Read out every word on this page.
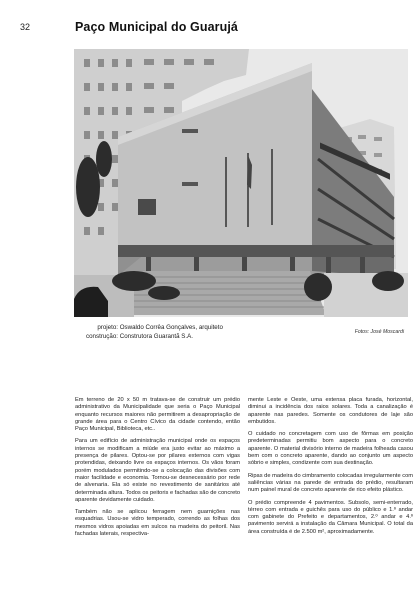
32	Paço Municipal do Guarujá
projeto: Oswaldo Corrêa Gonçalves, arquiteto
construção: Construtora Guarantã S.A.
Fotos: José Moscardi

Em terreno de 20 x 50 m tratava-se de construir um prédio administrativo da Municipalidade que seria o Paço Municipal enquanto recursos maiores não permitirem a desapropriação de grande área para o Centro Cívico da cidade contendo, então Paço Municipal, Biblioteca, etc..

Para um edifício de administração municipal onde os espaços internos se modificam a miúde era justo evitar ao máximo a presença de pilares. Optou-se por pilares externos com vigas protendidas, deixando livre os espaços internos. Os vãos foram porém modulados permitindo-se a colocação das divisões com maior facilidade e economia. Tornou-se desnecessário por rede de alvenaria. Ela só existe no revestimento de sanitários até determinada altura. Todos os peitoris e fachadas são de concreto aparente devidamente cuidado.

Também não se aplicou ferragem nem guarnições nas esquadrias. Usou-se vidro temperado, correndo as folhas dos mesmos vidros apoiadas em sulcos na madeira do peitoril. Nas fachadas laterais, respectiva-

mente Leste e Oeste, uma extensa placa furada, horizontal, diminui a incidência dos raios solares. Toda a canalização é aparente nas paredes. Somente os condutores de laje são embutidos.

O cuidado no concretagem com uso de fôrmas em posição predeterminadas permitiu bom aspecto para o concreto aparente. O material divisório interno de madeira folheada casou bem com o concreto aparente, dando ao conjunto um aspecto sóbrio e simples, condizente com sua destinação.

Ripas de madeira do cimbramento colocadas irregularmente com saliências várias na parede de entrada do prédio, resultaram num painel mural de concreto aparente de rico efeito plástico.

O prédio compreende 4 pavimentos. Subsolo, semi-enterrado, térreo com entrada e guichês para uso do público e 1.º andar com gabinete do Prefeito e departamentos, 2.º andar e 4.º pavimento servirá a instalação da Câmara Municipal. O total da área construída é de 2.500 m², aproximadamente.
